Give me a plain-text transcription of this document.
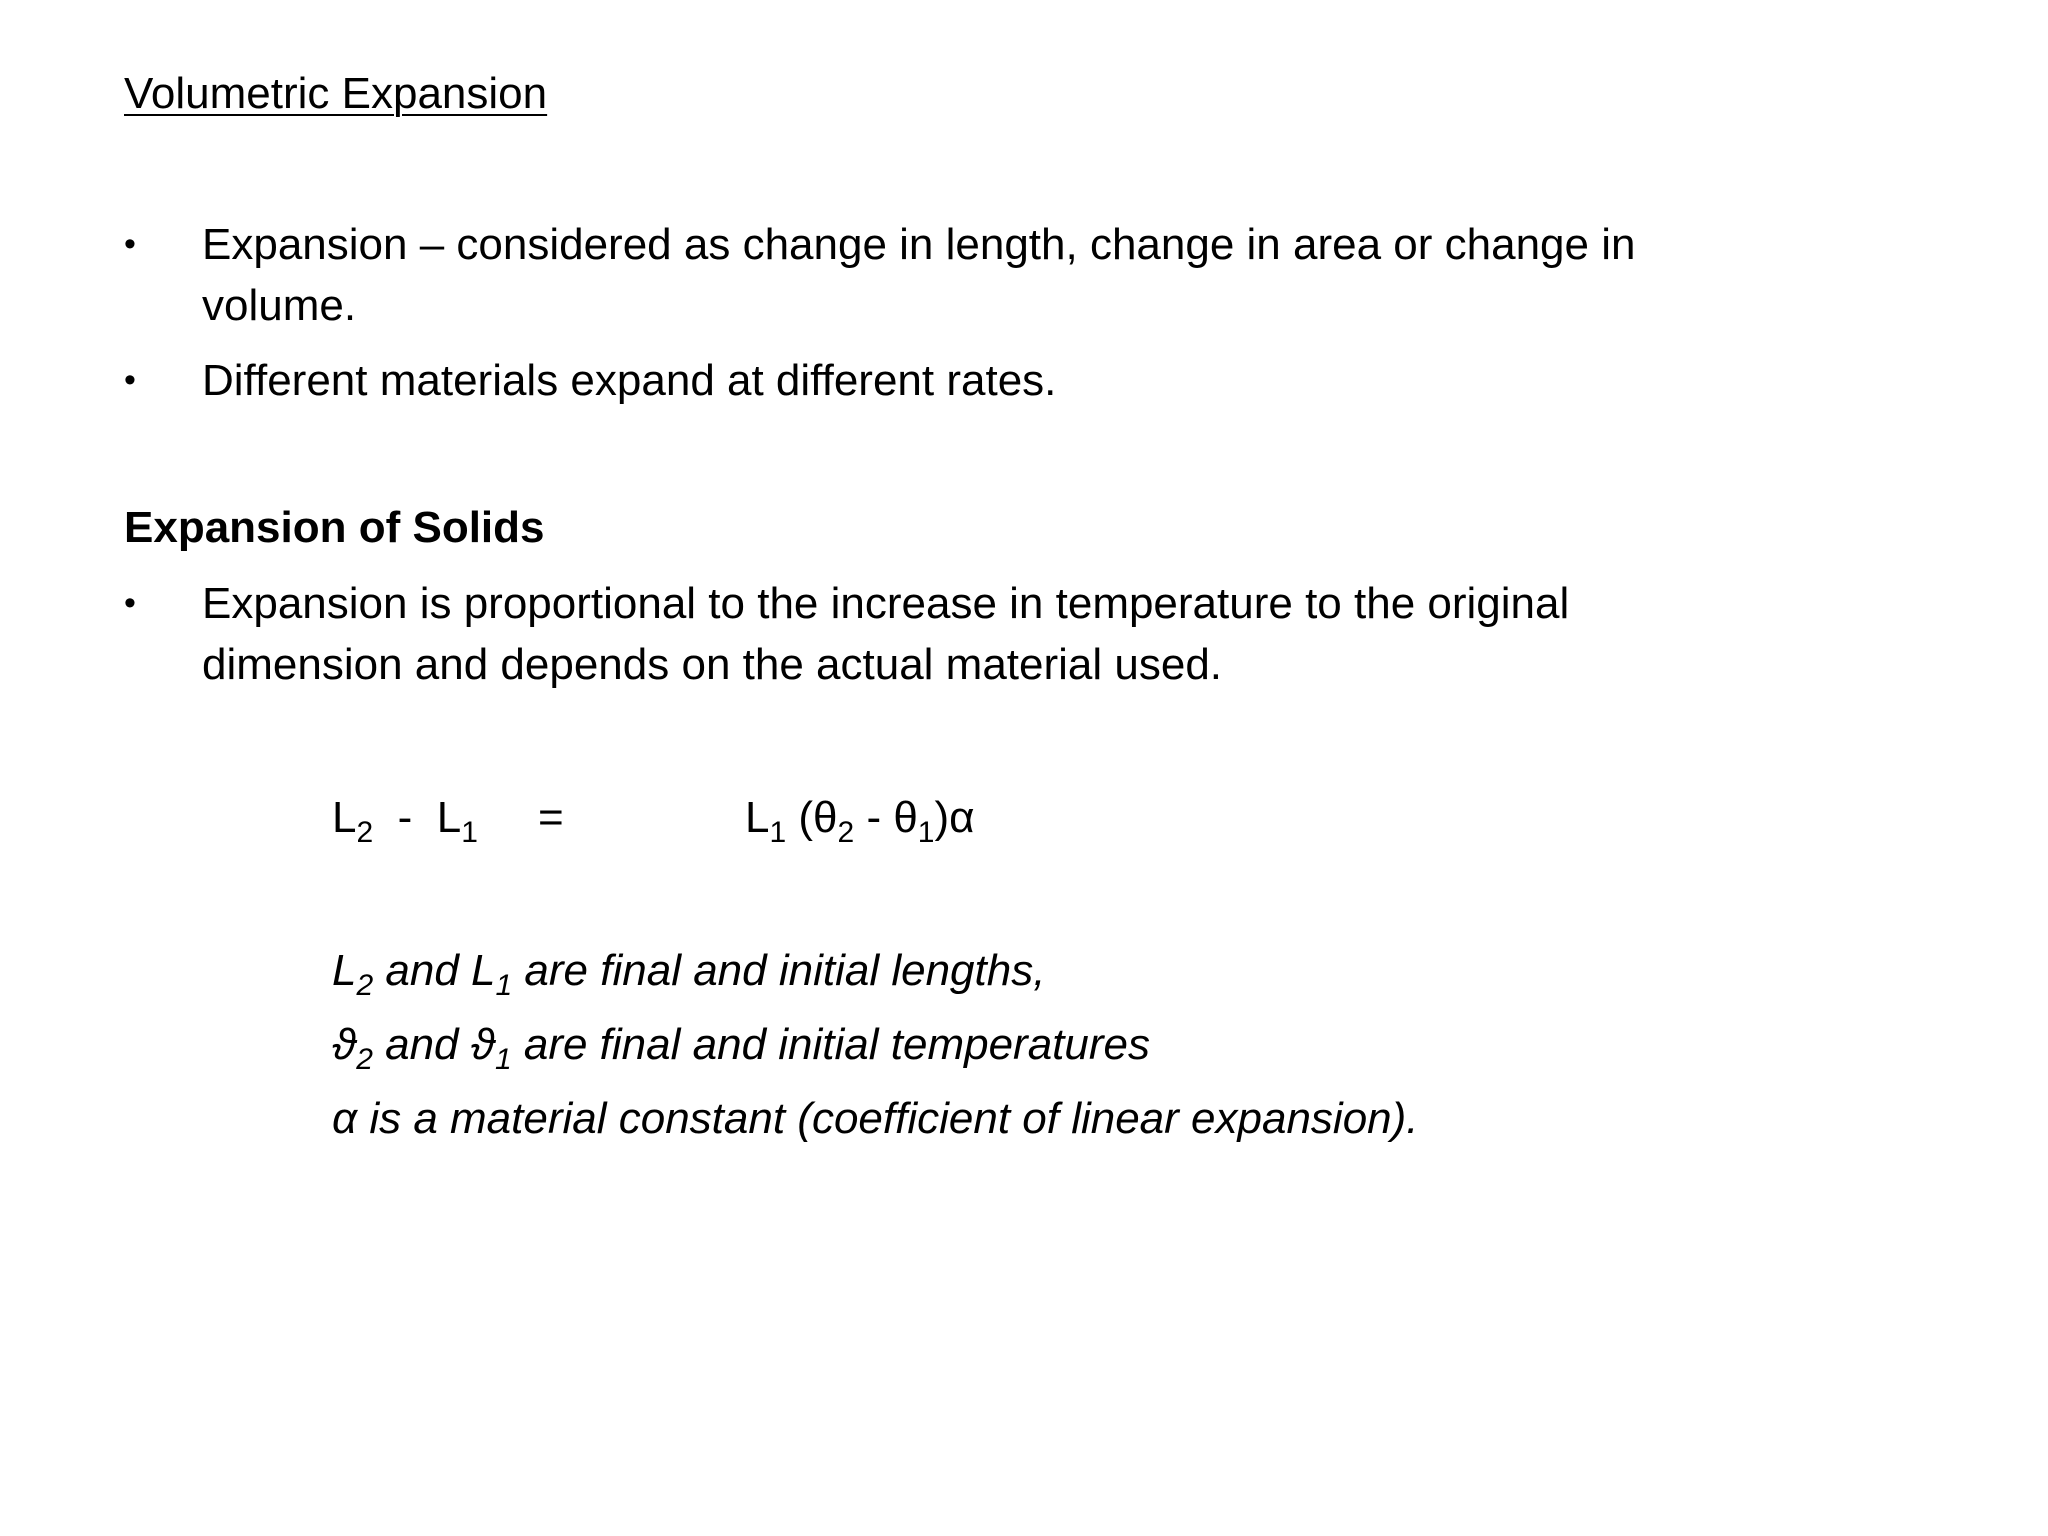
Volumetric Expansion
•	Expansion – considered as change in length, change in area or change in volume.
•	Different materials expand at different rates.
Expansion of Solids
•	Expansion is proportional to the increase in temperature to the original dimension and depends on the actual material used.
$L_2 - L_1$ =	$L_1$ $(\theta_2 - \theta_1)\alpha$
$L_2$ and $L_1$ are final and initial lengths,
$ϑ_2$ and $ϑ_1$ are final and initial temperatures
α is a material constant (coefficient of linear expansion).
